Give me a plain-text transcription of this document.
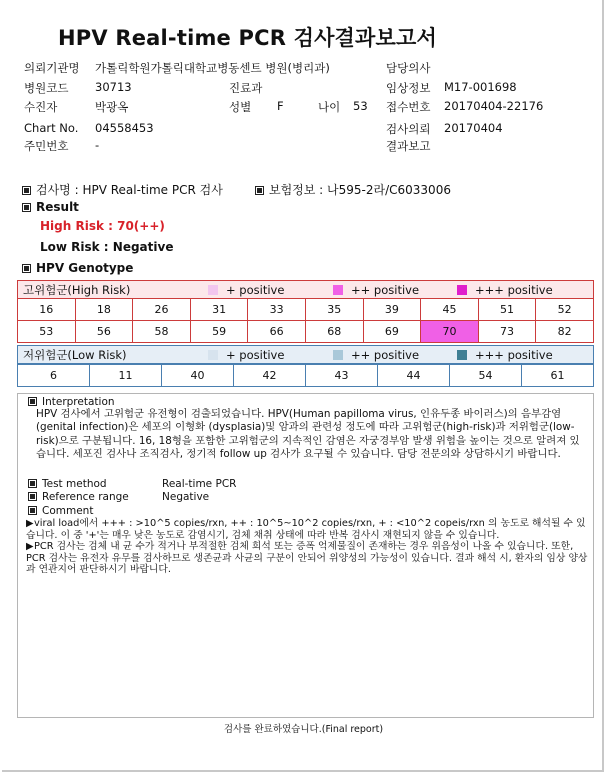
HPV Real-time PCR 검사결과보고서
의뢰기관명 가톨릭학원가톨릭대학교병동센트 병원(병리과)	담당의사
병원코드 30713	진료과	임상정보 M17-001698
수진자	박광옥	성별 F	나이 53 접수번호 20170404-22176
Chart No. 04558453	검사의뢰 20170404
주민번호 -	결과보고
검사명 : HPV Real-time PCR 검사	보험정보 : 나595-2라/C6033006
Result
High Risk : 70(++)
Low Risk : Negative
HPV Genotype
고위험군(High Risk)	+ positive	++ positive	+++ positive
16	18	26	31	33	35	39	45	51	52
53	56	58	59	66	68	69	70	73	82
저위험군(Low Risk)	+ positive	++ positive	+++ positive
6	11	40	42	43	44	54	61
Interpretation
HPV 검사에서 고위험군 유전형이 검출되었습니다. HPV(Human papilloma virus, 인유두종 바이러스)의 음부감염(genital infection)은 세포의 이형화 (dysplasia)및 암과의 관련성 정도에 따라 고위험군(high-risk)과 저위험군(low-risk)으로 구분됩니다. 16, 18형을 포함한 고위험군의 지속적인 감염은 자궁경부암 발생 위험을 높이는 것으로 알려져 있습니다. 세포진 검사나 조직검사, 정기적 follow up 검사가 요구될 수 있습니다. 담당 전문의와 상담하시기 바랍니다.
Test method	Real-time PCR
Reference range	Negative
Comment
▶viral load에서 +++ : >10^5 copies/rxn, ++ : 10^5~10^2 copies/rxn, + : <10^2 copeis/rxn 의 농도로 해석될 수 있습니다. 이 중 '+'는 매우 낮은 농도로 감염시기, 검체 채취 상태에 따라 반복 검사시 재현되지 않을 수 있습니다.
▶PCR 검사는 검체 내 균 수가 적거나 부적절한 검체 희석 또는 증폭 억제물질이 존재하는 경우 위음성이 나올 수 있습니다. 또한, PCR 검사는 유전자 유무를 검사하므로 생존균과 사균의 구분이 안되어 위양성의 가능성이 있습니다. 결과 해석 시, 환자의 임상 양상과 연관지어 판단하시기 바랍니다.
검사를 완료하였습니다.(Final report)
